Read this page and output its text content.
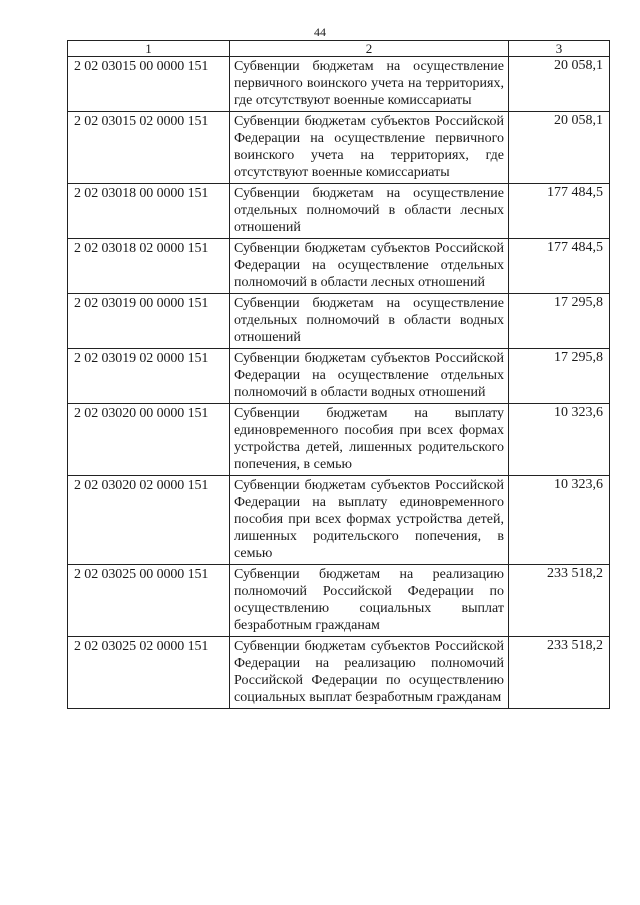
44
1	2	3
2 02 03015 00 0000 151	Субвенции бюджетам на осуществление первичного воинского учета на территориях, где отсутствуют военные комиссариаты	20 058,1
2 02 03015 02 0000 151	Субвенции бюджетам субъектов Российской Федерации на осуществление первичного воинского учета на территориях, где отсутствуют военные комиссариаты	20 058,1
2 02 03018 00 0000 151	Субвенции бюджетам на осуществление отдельных полномочий в области лесных отношений	177 484,5
2 02 03018 02 0000 151	Субвенции бюджетам субъектов Российской Федерации на осуществление отдельных полномочий в области лесных отношений	177 484,5
2 02 03019 00 0000 151	Субвенции бюджетам на осуществление отдельных полномочий в области водных отношений	17 295,8
2 02 03019 02 0000 151	Субвенции бюджетам субъектов Российской Федерации на осуществление отдельных полномочий в области водных отношений	17 295,8
2 02 03020 00 0000 151	Субвенции бюджетам на выплату единовременного пособия при всех формах устройства детей, лишенных родительского попечения, в семью	10 323,6
2 02 03020 02 0000 151	Субвенции бюджетам субъектов Российской Федерации на выплату единовременного пособия при всех формах устройства детей, лишенных родительского попечения, в семью	10 323,6
2 02 03025 00 0000 151	Субвенции бюджетам на реализацию полномочий Российской Федерации по осуществлению социальных выплат безработным гражданам	233 518,2
2 02 03025 02 0000 151	Субвенции бюджетам субъектов Российской Федерации на реализацию полномочий Российской Федерации по осуществлению социальных выплат безработным гражданам	233 518,2
